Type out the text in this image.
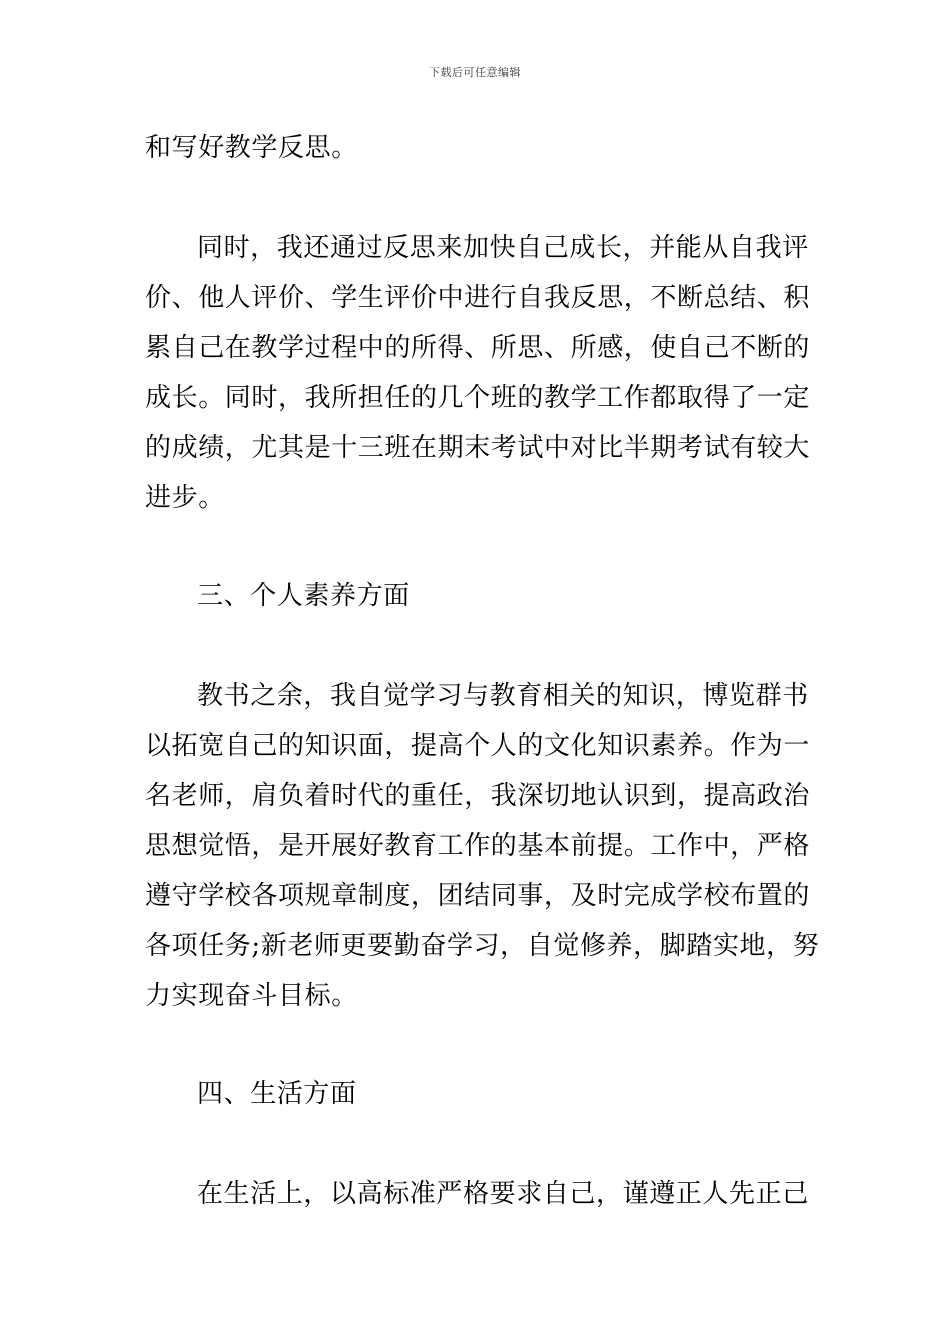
下载后可任意编辑
和写好教学反思。
同时，我还通过反思来加快自己成长，并能从自我评
价、他人评价、学生评价中进行自我反思，不断总结、积
累自己在教学过程中的所得、所思、所感，使自己不断的
成长。同时，我所担任的几个班的教学工作都取得了一定
的成绩，尤其是十三班在期末考试中对比半期考试有较大
进步。
三、个人素养方面
教书之余，我自觉学习与教育相关的知识，博览群书
以拓宽自己的知识面，提高个人的文化知识素养。作为一
名老师，肩负着时代的重任，我深切地认识到，提高政治
思想觉悟，是开展好教育工作的基本前提。工作中，严格
遵守学校各项规章制度，团结同事，及时完成学校布置的
各项任务;新老师更要勤奋学习，自觉修养，脚踏实地，努
力实现奋斗目标。
四、生活方面
在生活上，以高标准严格要求自己，谨遵正人先正己
